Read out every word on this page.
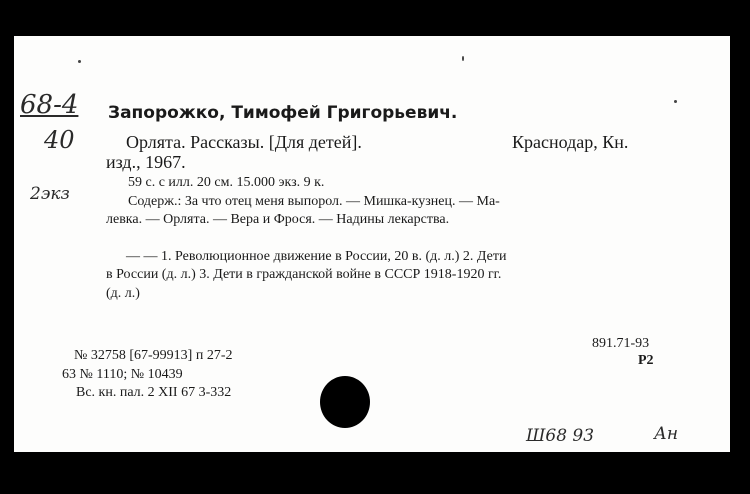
68-4
40
2экз
Запорожко, Тимофей Григорьевич.
Орлята. Рассказы. [Для детей].	Краснодар, Кн.
изд., 1967.
59 с. с илл. 20 см. 15.000 экз. 9 к.
Содерж.: За что отец меня выпорол. — Мишка-кузнец. — Ма-
левка. — Орлята. — Вера и Фрося. — Надины лекарства.
— — 1. Революционное движение в России, 20 в. (д. л.) 2. Дети
в России (д. л.) 3. Дети в гражданской войне в СССР 1918-1920 гг.
(д. л.)
891.71-93
Р2
№ 32758 [67-99913] п 27-2
63 № 1110; № 10439
Вс. кн. пал. 2 XII 67 3-332
Ш68 93	Ан
